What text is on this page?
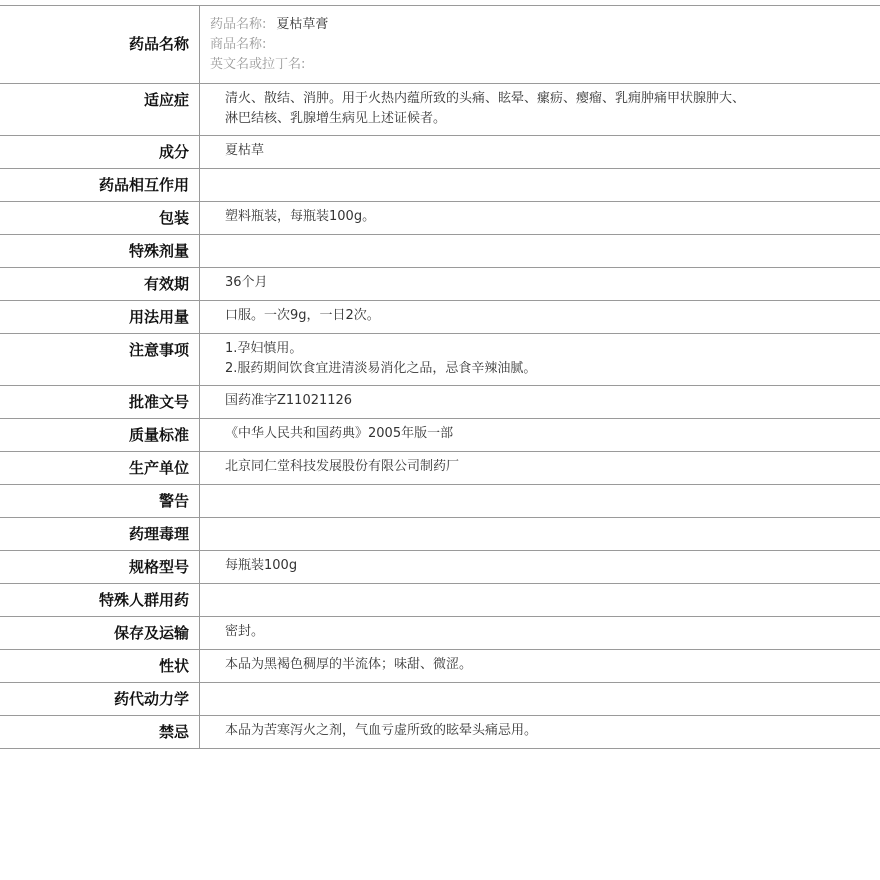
药品名称
药品名称: 夏枯草膏
商品名称:
英文名或拉丁名:
适应症	清火、散结、消肿。用于火热内蕴所致的头痛、眩晕、瘰疬、瘿瘤、乳痈肿痛甲状腺肿大、
淋巴结核、乳腺增生病见上述证候者。
成分	夏枯草
药品相互作用
包装	塑料瓶装，每瓶装100g。
特殊剂量
有效期	36个月
用法用量	口服。一次9g，一日2次。
注意事项	1.孕妇慎用。
2.服药期间饮食宜进清淡易消化之品，忌食辛辣油腻。
批准文号	国药准字Z11021126
质量标准	《中华人民共和国药典》2005年版一部
生产单位	北京同仁堂科技发展股份有限公司制药厂
警告
药理毒理
规格型号	每瓶装100g
特殊人群用药
保存及运输	密封。
性状	本品为黑褐色稠厚的半流体；味甜、微涩。
药代动力学
禁忌	本品为苦寒泻火之剂，气血亏虚所致的眩晕头痛忌用。
